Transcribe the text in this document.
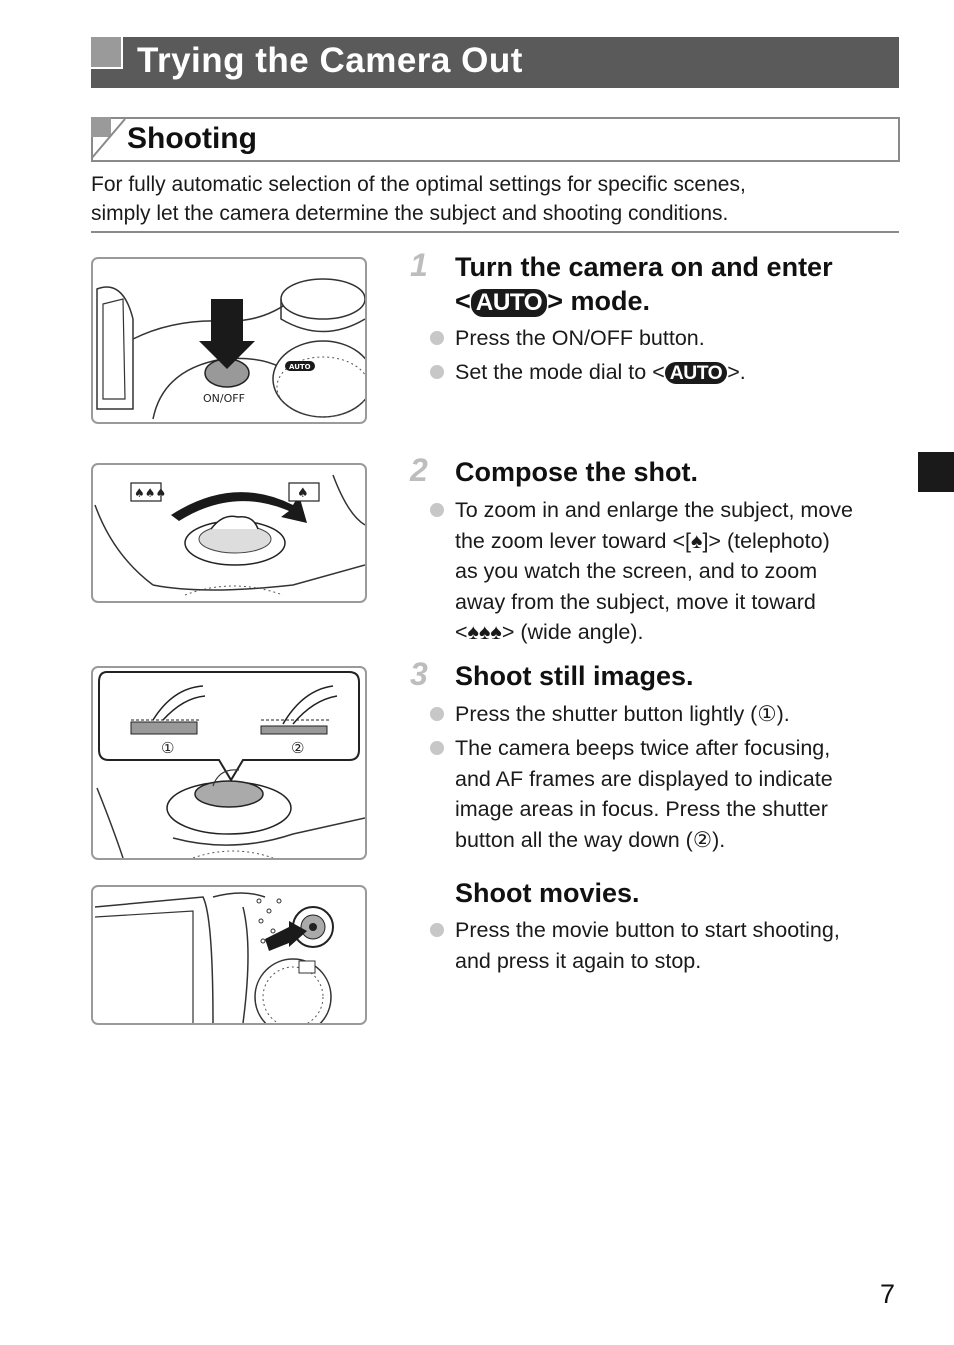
Trying the Camera Out
Shooting
For fully automatic selection of the optimal settings for specific scenes,
simply let the camera determine the subject and shooting conditions.
ON/OFF
AUTO
♠♠♠	♠
①	②
1 Turn the camera on and enter
< AUTO > mode.
Press the ON/OFF button.
Set the mode dial to < AUTO >.
2 Compose the shot.
To zoom in and enlarge the subject, move
the zoom lever toward <[♠]> (telephoto)
as you watch the screen, and to zoom
away from the subject, move it toward
<♠♠♠> (wide angle).
3 Shoot still images.
Press the shutter button lightly (①).
The camera beeps twice after focusing,
and AF frames are displayed to indicate
image areas in focus. Press the shutter
button all the way down (②).
Shoot movies.
Press the movie button to start shooting,
and press it again to stop.
7
